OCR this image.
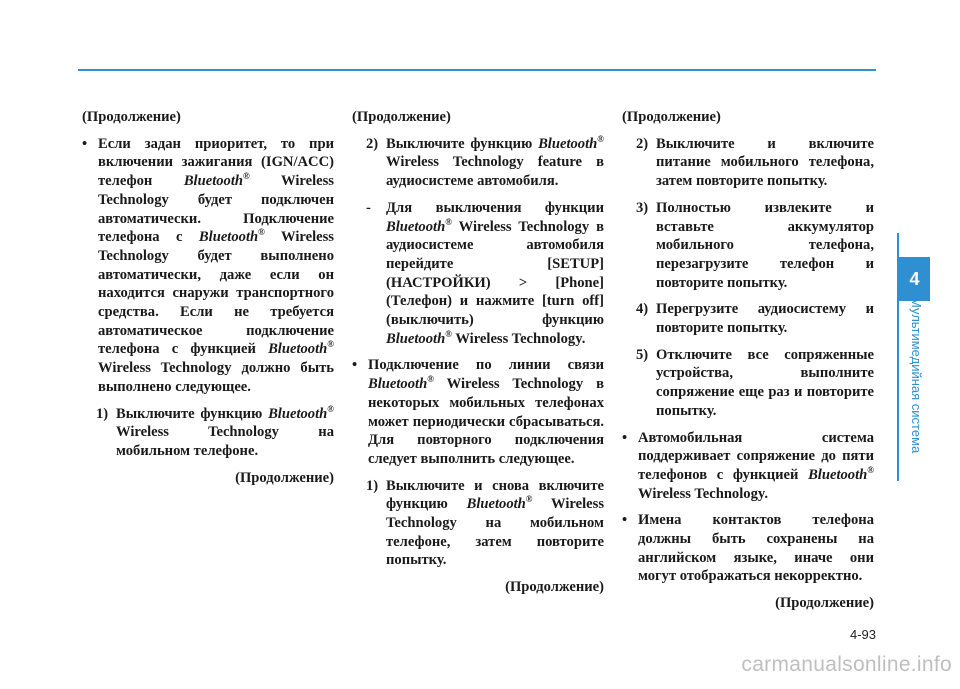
(Продолжение)

• Если задан приоритет, то при включении зажигания (IGN/ACC) телефон Bluetooth® Wireless Technology будет подключен автоматически. Подключение телефона с Bluetooth® Wireless Technology будет выполнено автоматически, даже если он находится снаружи транспортного средства. Если не требуется автоматическое подключение телефона с функцией Bluetooth® Wireless Technology должно быть выполнено следующее.
1) Выключите функцию Bluetooth® Wireless Technology на мобильном телефоне.

(Продолжение)

(Продолжение)

2) Выключите функцию Bluetooth® Wireless Technology feature в аудиосистеме автомобиля.
- Для выключения функции Bluetooth® Wireless Technology в аудиосистеме автомобиля перейдите [SETUP] (НАСТРОЙКИ) > [Phone] (Телефон) и нажмите [turn off] (выключить) функцию Bluetooth® Wireless Technology.
• Подключение по линии связи Bluetooth® Wireless Technology в некоторых мобильных телефонах может периодически сбрасываться. Для повторного подключения следует выполнить следующее.
1) Выключите и снова включите функцию Bluetooth® Wireless Technology на мобильном телефоне, затем повторите попытку.

(Продолжение)

(Продолжение)

2) Выключите и включите питание мобильного телефона, затем повторите попытку.
3) Полностью извлеките и вставьте аккумулятор мобильного телефона, перезагрузите телефон и повторите попытку.
4) Перегрузите аудиосистему и повторите попытку.
5) Отключите все сопряженные устройства, выполните сопряжение еще раз и повторите попытку.
• Автомобильная система поддерживает сопряжение до пяти телефонов с функцией Bluetooth® Wireless Technology.
• Имена контактов телефона должны быть сохранены на английском языке, иначе они могут отображаться некорректно.

(Продолжение)

4
Мультимедийная система
4-93
carmanualsonline.info
